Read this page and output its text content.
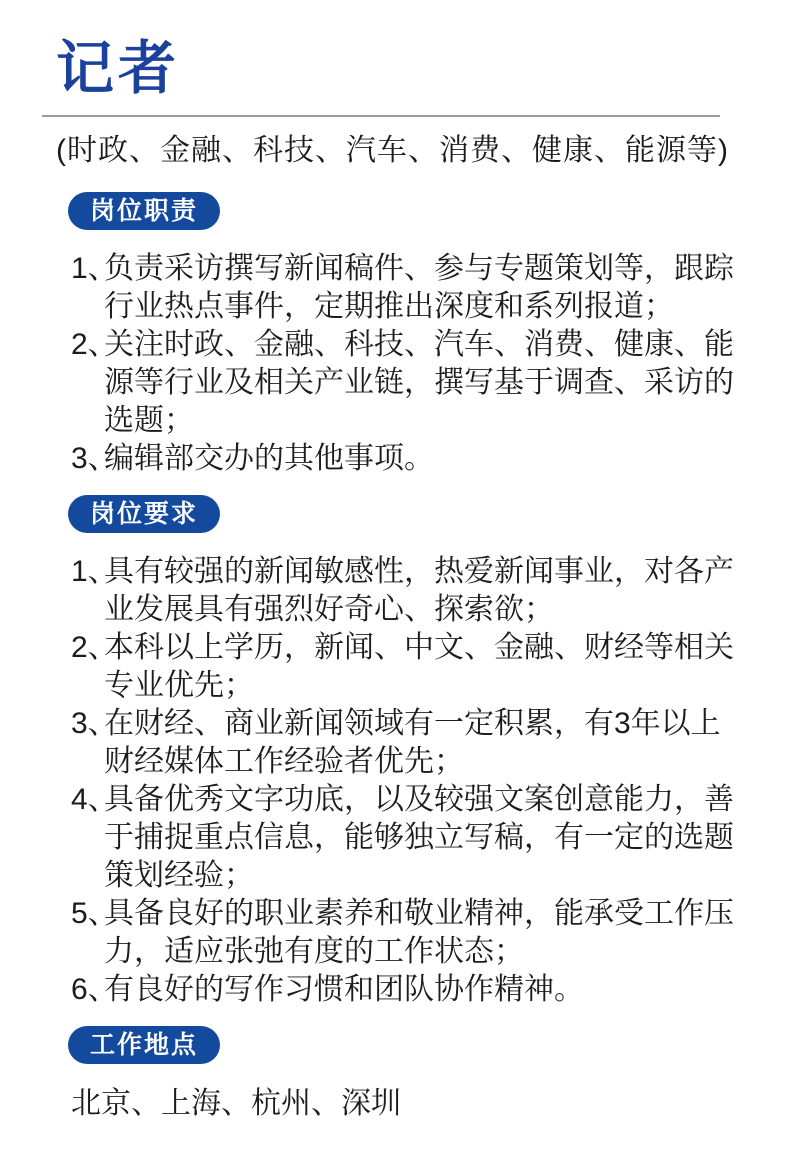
记者
(时政、金融、科技、汽车、消费、健康、能源等)
岗位职责
1、
负责采访撰写新闻稿件、参与专题策划等，跟踪行业热点事件，定期推出深度和系列报道；
2、
关注时政、金融、科技、汽车、消费、健康、能源等行业及相关产业链，撰写基于调查、采访的选题；
3、
编辑部交办的其他事项。
岗位要求
1、
具有较强的新闻敏感性，热爱新闻事业，对各产业发展具有强烈好奇心、探索欲；
2、
本科以上学历，新闻、中文、金融、财经等相关专业优先；
3、
在财经、商业新闻领域有一定积累，有3年以上财经媒体工作经验者优先；
4、
具备优秀文字功底，以及较强文案创意能力，善于捕捉重点信息，能够独立写稿，有一定的选题策划经验；
5、
具备良好的职业素养和敬业精神，能承受工作压力，适应张弛有度的工作状态；
6、
有良好的写作习惯和团队协作精神。
工作地点
北京、上海、杭州、深圳
